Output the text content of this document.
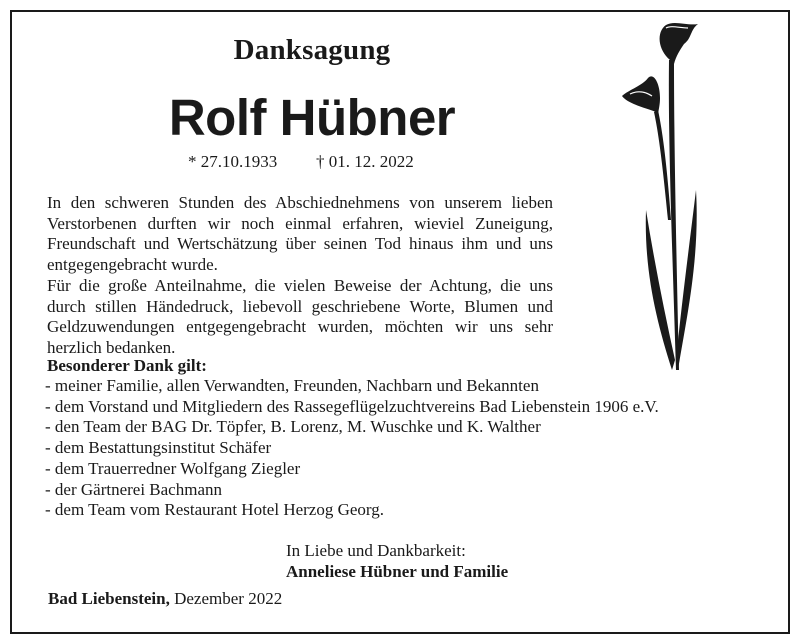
Danksagung
Rolf Hübner
* 27.10.1933 † 01. 12. 2022

In den schweren Stunden des Abschiednehmens von unserem lieben Verstorbenen durften wir noch einmal erfahren, wieviel Zuneigung, Freundschaft und Wertschätzung über seinen Tod hinaus ihm und uns entgegengebracht wurde.

Für die große Anteilnahme, die vielen Beweise der Achtung, die uns durch stillen Händedruck, liebevoll geschriebene Worte, Blumen und Geldzuwendungen entgegengebracht wurden, möchten wir uns sehr herzlich bedanken.

Besonderer Dank gilt:
- meiner Familie, allen Verwandten, Freunden, Nachbarn und Bekannten
- dem Vorstand und Mitgliedern des Rassegeflügelzuchtvereins Bad Liebenstein 1906 e.V.
- den Team der BAG Dr. Töpfer, B. Lorenz, M. Wuschke und K. Walther
- dem Bestattungsinstitut Schäfer
- dem Trauerredner Wolfgang Ziegler
- der Gärtnerei Bachmann
- dem Team vom Restaurant Hotel Herzog Georg.
In Liebe und Dankbarkeit:
Anneliese Hübner und Familie
Bad Liebenstein, Dezember 2022
